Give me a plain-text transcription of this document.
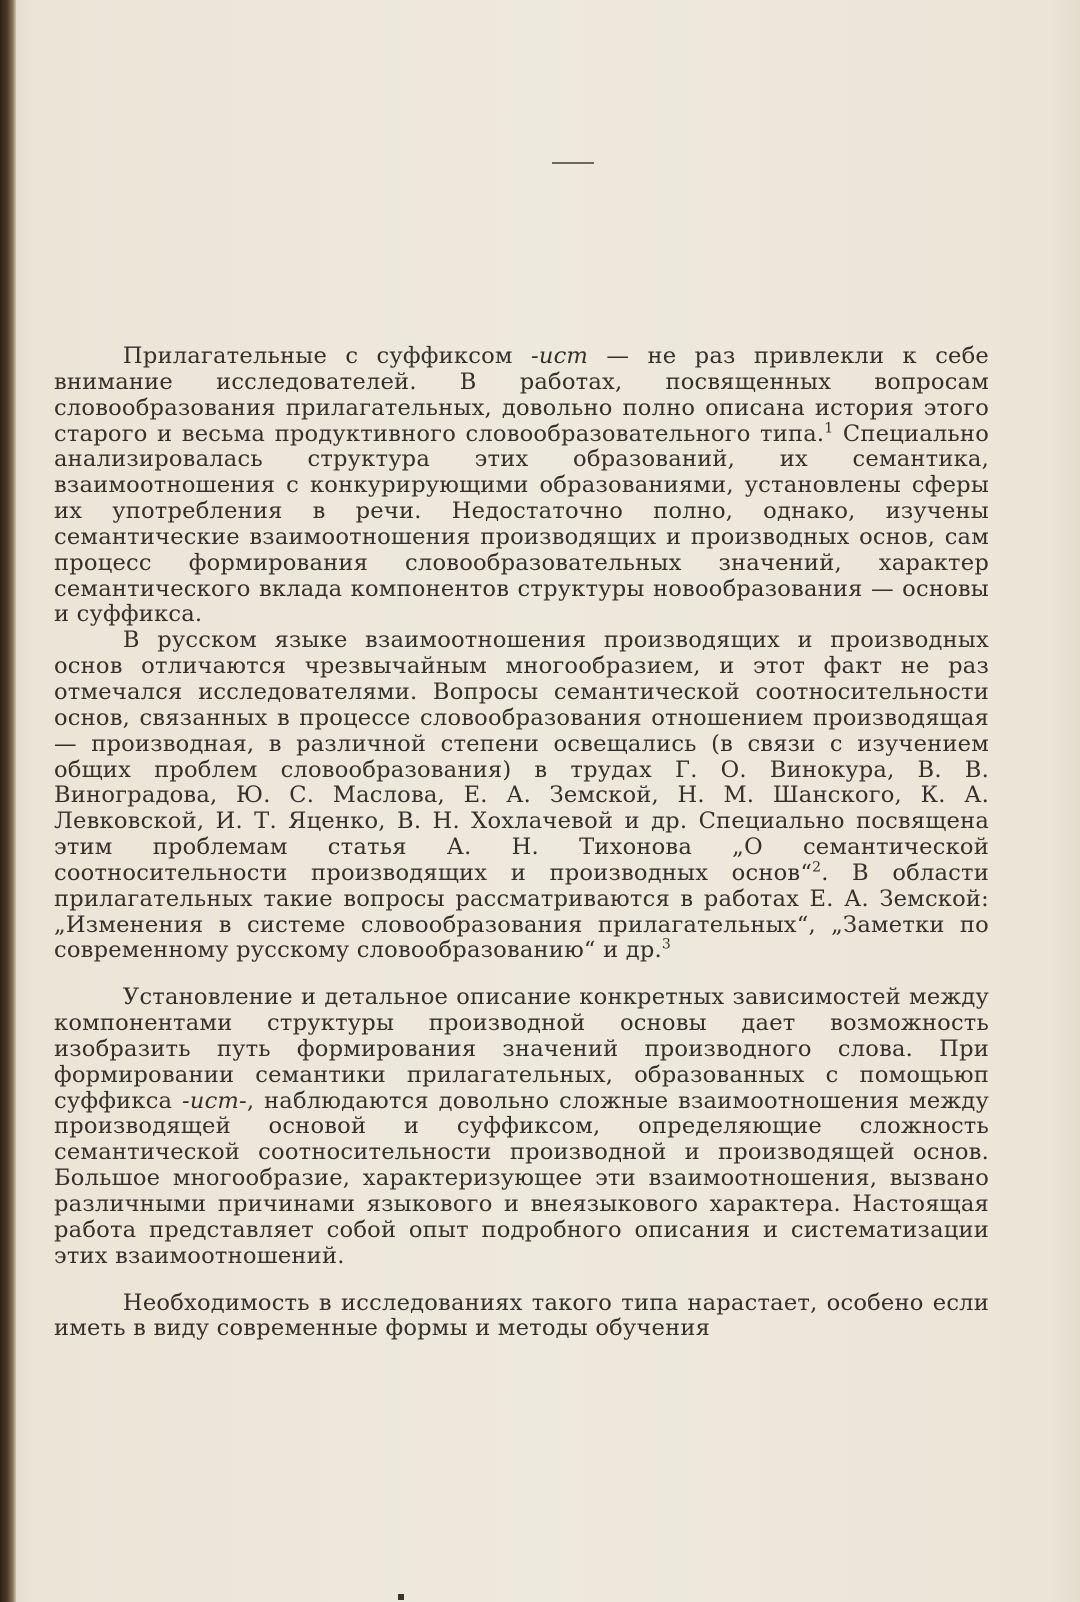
Прилагательные с суффиксом -ист — не раз привлекли к себе внимание исследователей. В работах, посвященных вопросам словообразования прилагательных, довольно полно описана история этого старого и весьма продуктивного словообразовательного типа.$^1$ Специально анализировалась структура этих образований, их семантика, взаимоотношения с конкурирующими образованиями, установлены сферы их употребления в речи. Недостаточно полно, однако, изучены семантические взаимоотношения производящих и производных основ, сам процесс формирования словообразовательных значений, характер семантического вклада компонентов структуры новообразования — основы и суффикса.

В русском языке взаимоотношения производящих и производных основ отличаются чрезвычайным многообразием, и этот факт не раз отмечался исследователями. Вопросы семантической соотносительности основ, связанных в процессе словообразования отношением производящая — производная, в различной степени освещались (в связи с изучением общих проблем словообразования) в трудах Г. О. Винокура, В. В. Виноградова, Ю. С. Маслова, Е. А. Земской, Н. М. Шанского, К. А. Левковской, И. Т. Яценко, В. Н. Хохлачевой и др. Специально посвящена этим проблемам статья А. Н. Тихонова „О семантической соотносительности производящих и производных основ“$^2$. В области прилагательных такие вопросы рассматриваются в работах Е. А. Земской: „Изменения в системе словообразования прилагательных“, „Заметки по современному русскому словообразованию“ и др.$^3$

Установление и детальное описание конкретных зависимостей между компонентами структуры производной основы дает возможность изобразить путь формирования значений производного слова. При формировании семантики прилагательных, образованных с помощьюп суффикса -ист-, наблюдаются довольно сложные взаимоотношения между производящей основой и суффиксом, определяющие сложность семантической соотносительности производной и производящей основ. Большое многообразие, характеризующее эти взаимоотношения, вызвано различными причинами языкового и внеязыкового характера. Настоящая работа представляет собой опыт подробного описания и систематизации этих взаимоотношений.

Необходимость в исследованиях такого типа нарастает, особено если иметь в виду современные формы и методы обучения
